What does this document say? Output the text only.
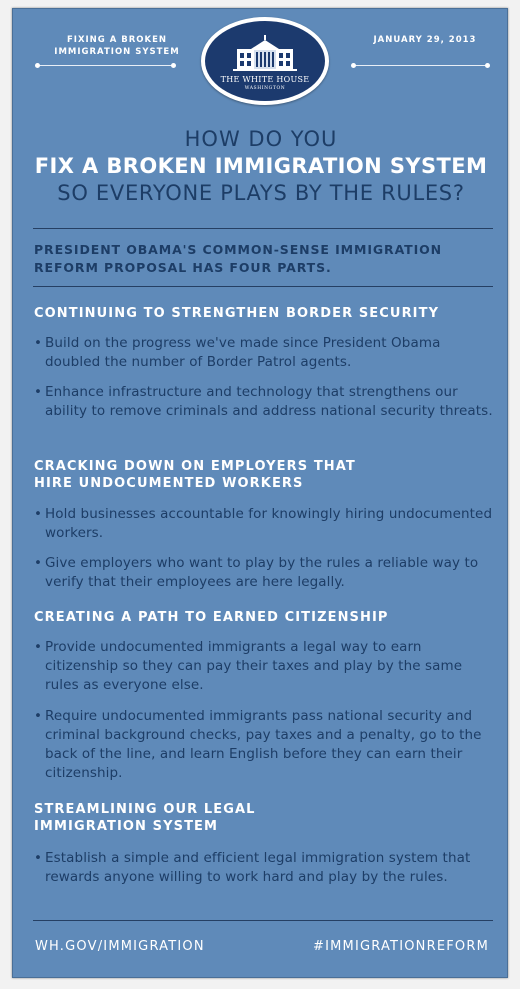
FIXING A BROKEN IMMIGRATION SYSTEM
THE WHITE HOUSE
WASHINGTON
JANUARY 29, 2013
HOW DO YOU
FIX A BROKEN IMMIGRATION SYSTEM
SO EVERYONE PLAYS BY THE RULES?
PRESIDENT OBAMA'S COMMON-SENSE IMMIGRATION REFORM PROPOSAL HAS FOUR PARTS.
CONTINUING TO STRENGTHEN BORDER SECURITY
• Build on the progress we've made since President Obama doubled the number of Border Patrol agents.
• Enhance infrastructure and technology that strengthens our ability to remove criminals and address national security threats.
CRACKING DOWN ON EMPLOYERS THAT HIRE UNDOCUMENTED WORKERS
• Hold businesses accountable for knowingly hiring undocumented workers.
• Give employers who want to play by the rules a reliable way to verify that their employees are here legally.
CREATING A PATH TO EARNED CITIZENSHIP
• Provide undocumented immigrants a legal way to earn citizenship so they can pay their taxes and play by the same rules as everyone else.
• Require undocumented immigrants pass national security and criminal background checks, pay taxes and a penalty, go to the back of the line, and learn English before they can earn their citizenship.
STREAMLINING OUR LEGAL IMMIGRATION SYSTEM
• Establish a simple and efficient legal immigration system that rewards anyone willing to work hard and play by the rules.
WH.GOV/IMMIGRATION	#IMMIGRATIONREFORM
